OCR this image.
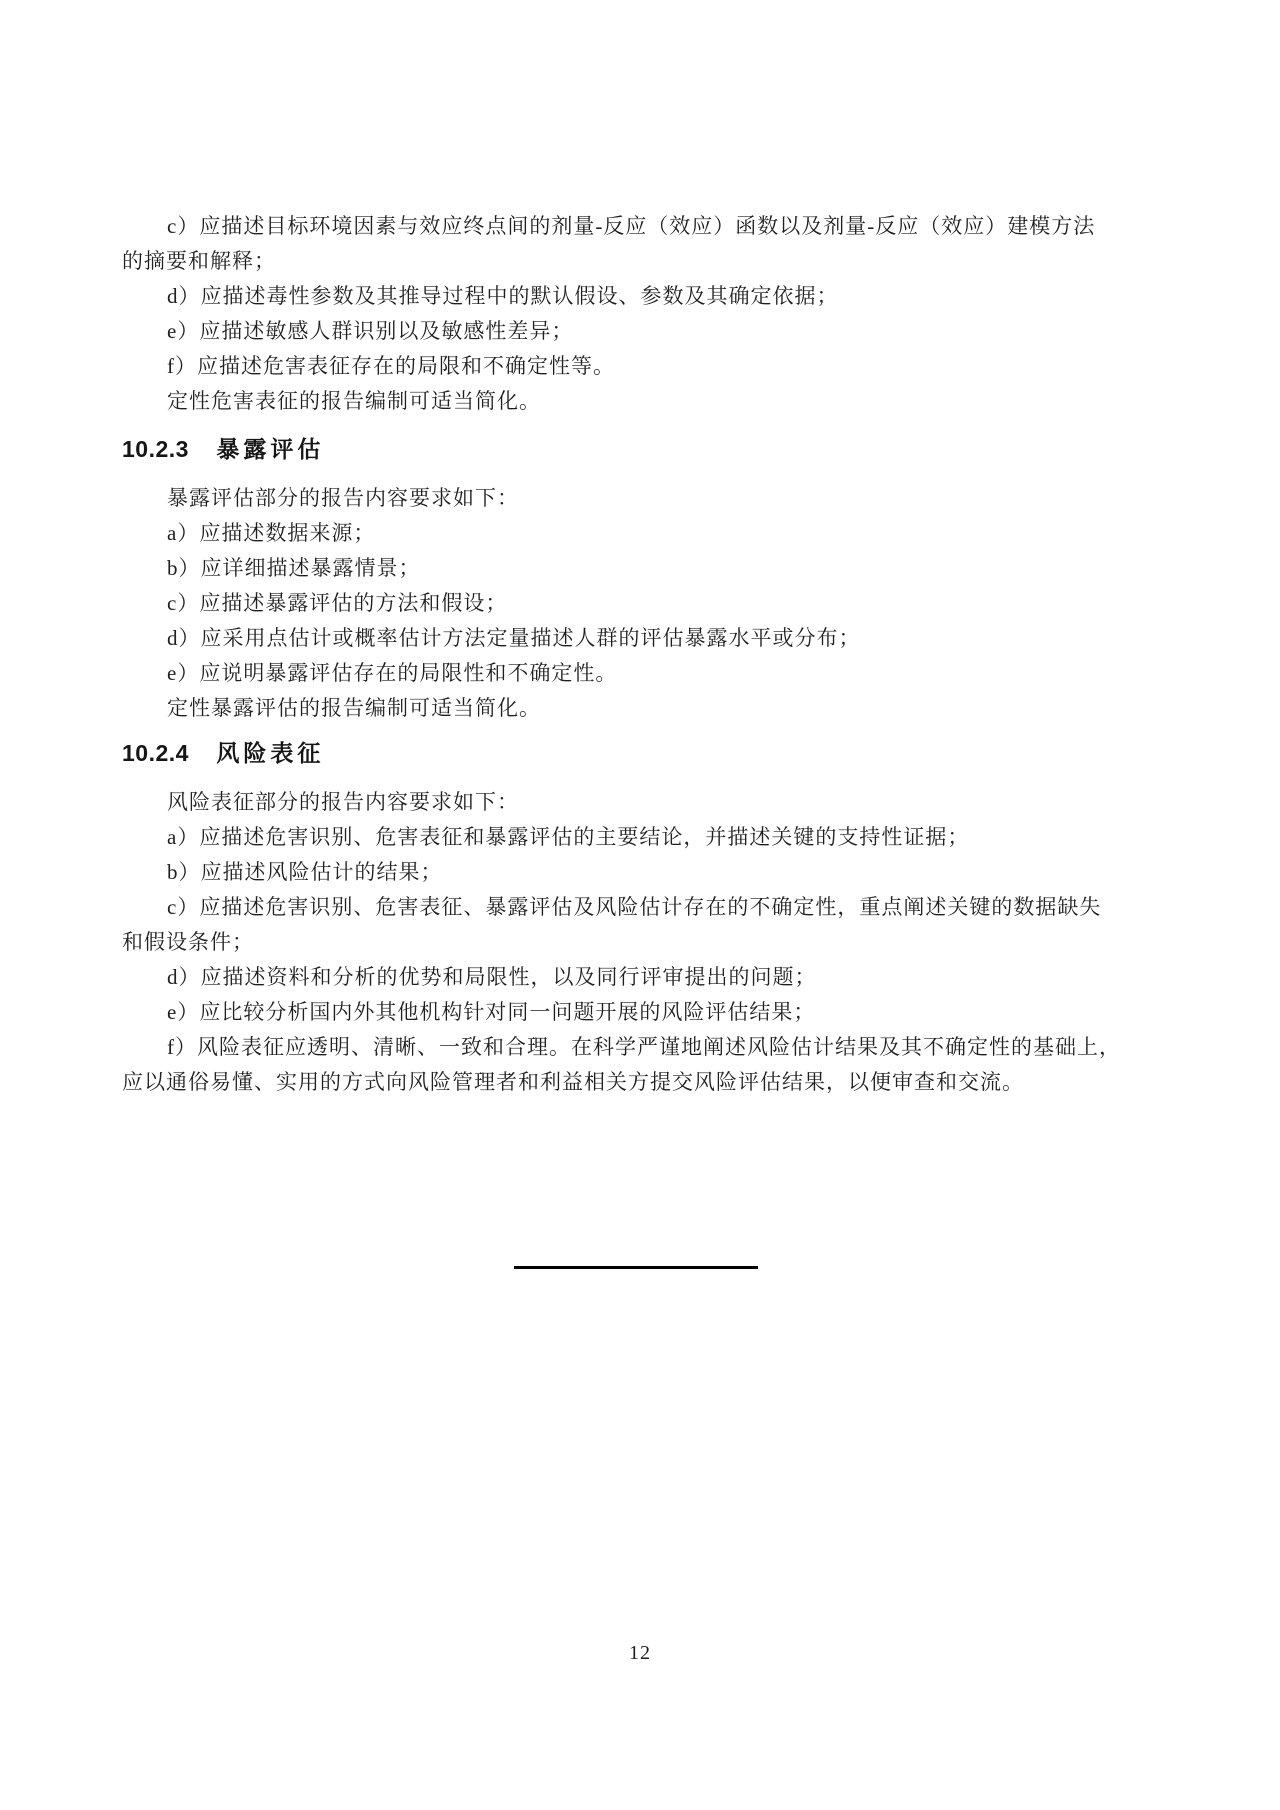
c）应描述目标环境因素与效应终点间的剂量-反应（效应）函数以及剂量-反应（效应）建模方法

的摘要和解释；

d）应描述毒性参数及其推导过程中的默认假设、参数及其确定依据；

e）应描述敏感人群识别以及敏感性差异；

f）应描述危害表征存在的局限和不确定性等。

定性危害表征的报告编制可适当简化。

10.2.3 暴露评估

暴露评估部分的报告内容要求如下：

a）应描述数据来源；

b）应详细描述暴露情景；

c）应描述暴露评估的方法和假设；

d）应采用点估计或概率估计方法定量描述人群的评估暴露水平或分布；

e）应说明暴露评估存在的局限性和不确定性。

定性暴露评估的报告编制可适当简化。

10.2.4 风险表征

风险表征部分的报告内容要求如下：

a）应描述危害识别、危害表征和暴露评估的主要结论，并描述关键的支持性证据；

b）应描述风险估计的结果；

c）应描述危害识别、危害表征、暴露评估及风险估计存在的不确定性，重点阐述关键的数据缺失

和假设条件；

d）应描述资料和分析的优势和局限性，以及同行评审提出的问题；

e）应比较分析国内外其他机构针对同一问题开展的风险评估结果；

f）风险表征应透明、清晰、一致和合理。在科学严谨地阐述风险估计结果及其不确定性的基础上，

应以通俗易懂、实用的方式向风险管理者和利益相关方提交风险评估结果，以便审查和交流。

12
